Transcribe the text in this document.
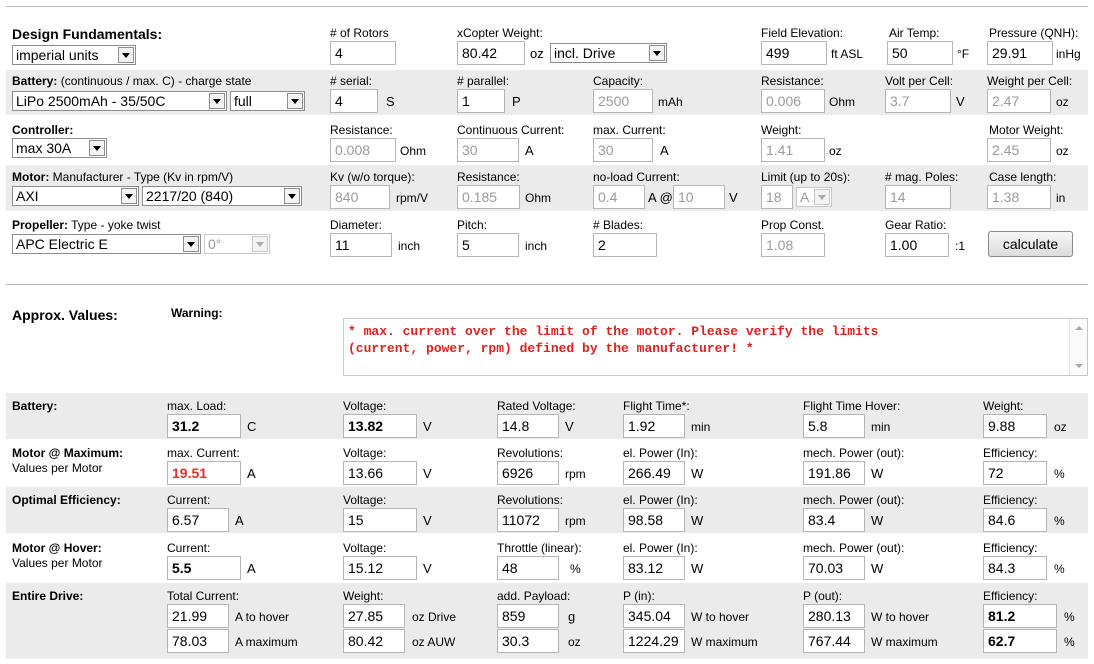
Design Fundamentals:
imperial units
# of Rotors
4
xCopter Weight:
80.42	oz incl. Drive
Field Elevation:
499	ft ASL
Air Temp:
50	°F
Pressure (QNH):
29.91	inHg
Battery: (continuous / max. C) - charge state
LiPo 2500mAh - 35/50C	full
# serial:
4	S
# parallel:
1	P
Capacity:
2500	mAh
Resistance:
0.006	Ohm
Volt per Cell:
3.7	V
Weight per Cell:
2.47	oz
Controller:
max 30A
Resistance:
0.008	Ohm
Continuous Current:
30	A
max. Current:
30	A
Weight:
1.41	oz
Motor Weight:
2.45	oz
Motor: Manufacturer - Type (Kv in rpm/V)
AXI	2217/20 (840)
Kv (w/o torque):
840	rpm/V
Resistance:
0.185	Ohm
no-load Current:
0.4	A @ 10	V
Limit (up to 20s):
18	A
# mag. Poles:
14
Case length:
1.38	in
Propeller: Type - yoke twist
APC Electric E	0°
Diameter:
11	inch
Pitch:
5	inch
# Blades:
2
Prop Const.
1.08
Gear Ratio:
1.00	:1	calculate
Approx. Values:	Warning:
* max. current over the limit of the motor. Please verify the limits
(current, power, rpm) defined by the manufacturer! *
Battery:	max. Load:
31.2	C
Voltage:
13.82	V
Rated Voltage:
14.8	V
Flight Time*:
1.92	min
Flight Time Hover:
5.8	min
Weight:
9.88	oz
Motor @ Maximum:
Values per Motor
max. Current:
19.51	A
Voltage:
13.66	V
Revolutions:
6926	rpm
el. Power (In):
266.49	W
mech. Power (out):
191.86	W
Efficiency:
72	%
Optimal Efficiency:	Current:
6.57	A
Voltage:
15	V
Revolutions:
11072	rpm
el. Power (In):
98.58	W
mech. Power (out):
83.4	W
Efficiency:
84.6	%
Motor @ Hover:
Values per Motor
Current:
5.5	A
Voltage:
15.12	V
Throttle (linear):
48	%
el. Power (In):
83.12	W
mech. Power (out):
70.03	W
Efficiency:
84.3	%
Entire Drive:	Total Current:
21.99	A to hover
78.03	A maximum
Weight:
27.85	oz Drive
80.42	oz AUW
add. Payload:
859	g
30.3	oz
P (in):
345.04	W to hover
1224.29	W maximum
P (out):
280.13	W to hover
767.44	W maximum
Efficiency:
81.2	%
62.7	%
